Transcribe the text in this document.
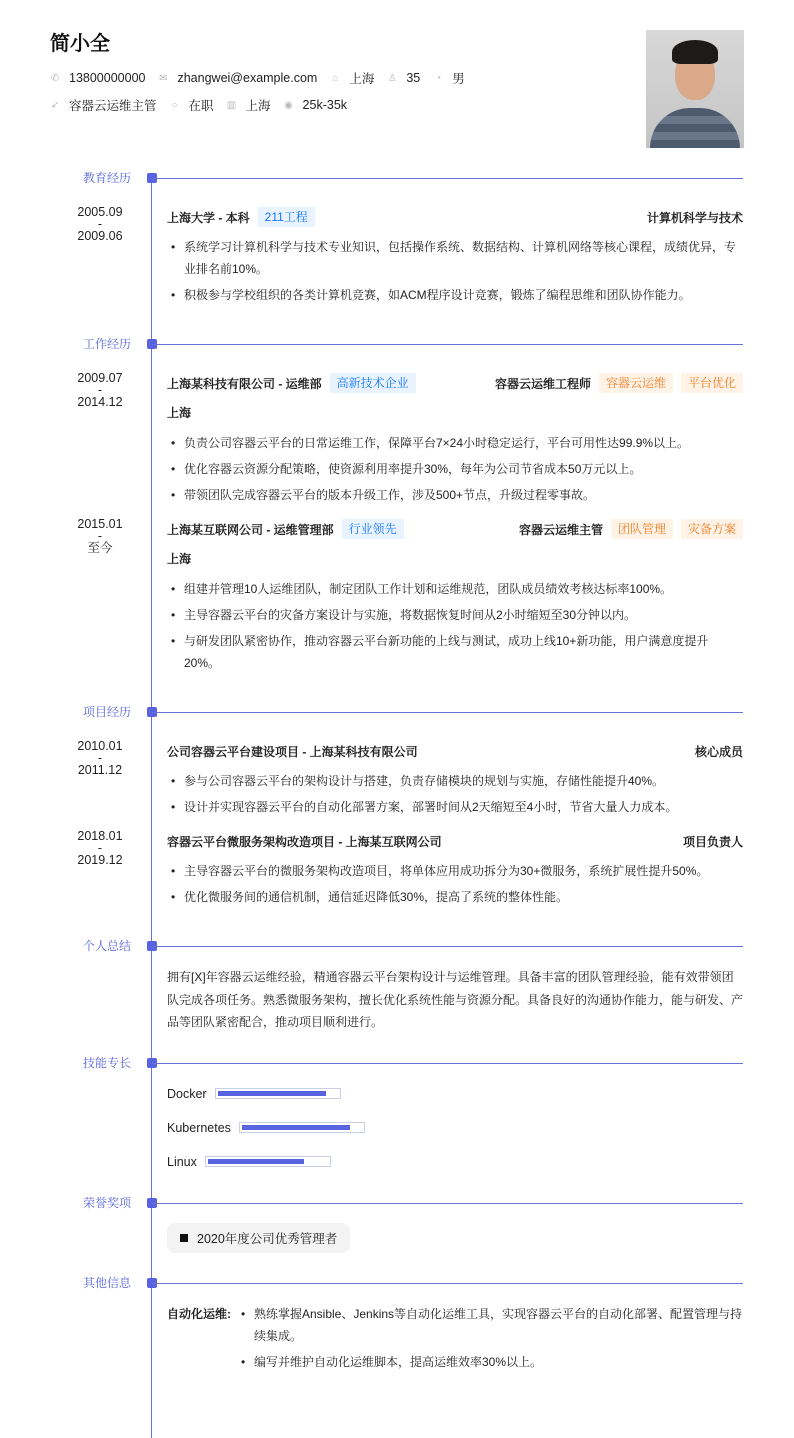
简小全
✆ 13800000000 ✉ zhangwei@example.com ⌂ 上海 ♙ 35 ◔ 男
➶ 容器云运维主管 ○ 在职 ▥ 上海 ◉ 25k-35k
教育经历
2005.09
-
2009.06
上海大学 - 本科	211工程	计算机科学与技术
• 系统学习计算机科学与技术专业知识，包括操作系统、数据结构、计算机网络等核心课程，成绩优异，专业排名前10%。
• 积极参与学校组织的各类计算机竞赛，如ACM程序设计竞赛，锻炼了编程思维和团队协作能力。
工作经历
2009.07
-
2014.12
上海某科技有限公司 - 运维部	高新技术企业	容器云运维工程师	容器云运维	平台优化
上海
• 负责公司容器云平台的日常运维工作，保障平台7×24小时稳定运行，平台可用性达99.9%以上。
• 优化容器云资源分配策略，使资源利用率提升30%，每年为公司节省成本50万元以上。
• 带领团队完成容器云平台的版本升级工作，涉及500+节点，升级过程零事故。
2015.01
-
至今
上海某互联网公司 - 运维管理部	行业领先	容器云运维主管	团队管理	灾备方案
上海
• 组建并管理10人运维团队，制定团队工作计划和运维规范，团队成员绩效考核达标率100%。
• 主导容器云平台的灾备方案设计与实施，将数据恢复时间从2小时缩短至30分钟以内。
• 与研发团队紧密协作，推动容器云平台新功能的上线与测试，成功上线10+新功能，用户满意度提升20%。
项目经历
2010.01
-
2011.12
公司容器云平台建设项目 - 上海某科技有限公司	核心成员
• 参与公司容器云平台的架构设计与搭建，负责存储模块的规划与实施，存储性能提升40%。
• 设计并实现容器云平台的自动化部署方案，部署时间从2天缩短至4小时，节省大量人力成本。
2018.01
-
2019.12
容器云平台微服务架构改造项目 - 上海某互联网公司	项目负责人
• 主导容器云平台的微服务架构改造项目，将单体应用成功拆分为30+微服务，系统扩展性提升50%。
• 优化微服务间的通信机制，通信延迟降低30%，提高了系统的整体性能。
个人总结
拥有[X]年容器云运维经验，精通容器云平台架构设计与运维管理。具备丰富的团队管理经验，能有效带领团队完成各项任务。熟悉微服务架构，擅长优化系统性能与资源分配。具备良好的沟通协作能力，能与研发、产品等团队紧密配合，推动项目顺利进行。
技能专长
Docker
Kubernetes
Linux
荣誉奖项
2020年度公司优秀管理者
其他信息
自动化运维:	• 熟练掌握Ansible、Jenkins等自动化运维工具，实现容器云平台的自动化部署、配置管理与持续集成。
• 编写并维护自动化运维脚本，提高运维效率30%以上。
